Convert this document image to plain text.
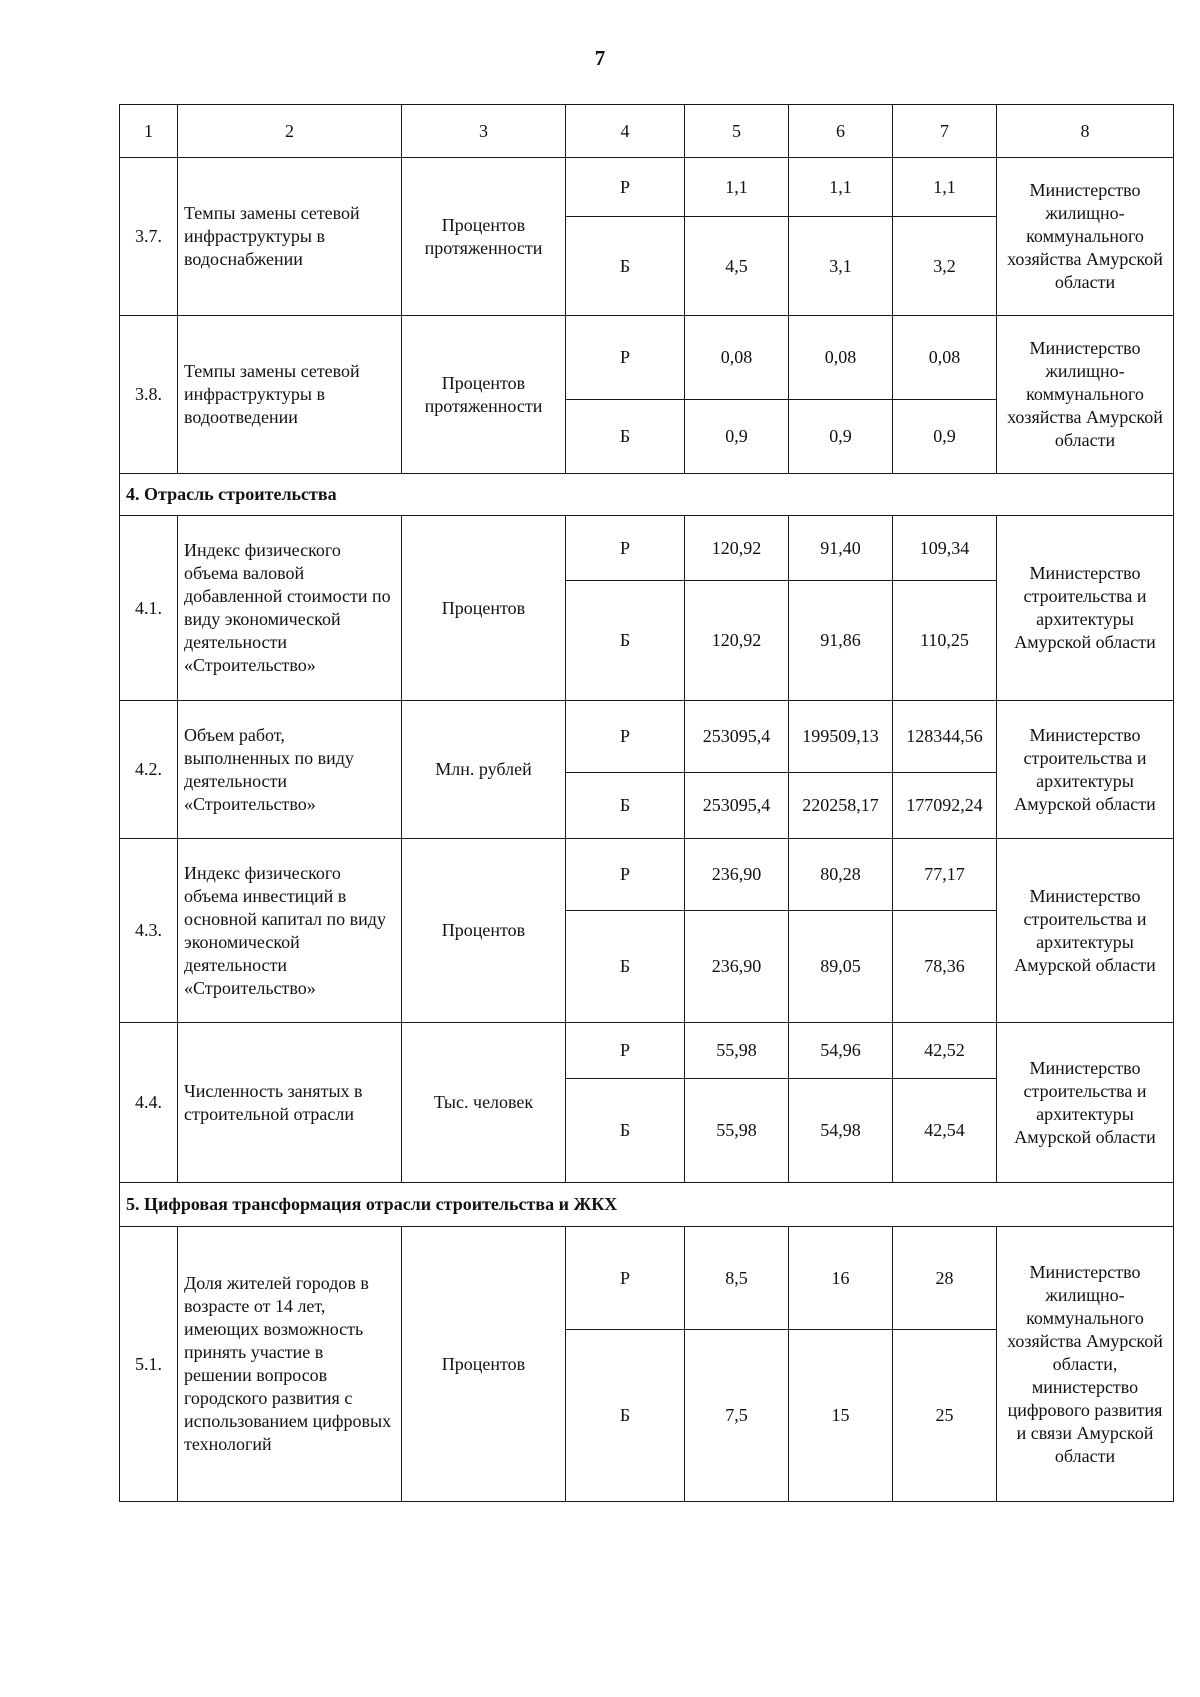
7
1	2	3	4	5	6	7	8
3.7.	Темпы замены сетевой инфраструктуры в водоснабжении	Процентов протяженности	Р	1,1	1,1	1,1	Министерство жилищно-коммунального хозяйства Амурской области
			Б	4,5	3,1	3,2	
3.8.	Темпы замены сетевой инфраструктуры в водоотведении	Процентов протяженности	Р	0,08	0,08	0,08	Министерство жилищно-коммунального хозяйства Амурской области
			Б	0,9	0,9	0,9	
4. Отрасль строительства							
4.1.	Индекс физического объема валовой добавленной стоимости по виду экономической деятельности «Строительство»	Процентов	Р	120,92	91,40	109,34	Министерство строительства и архитектуры Амурской области
			Б	120,92	91,86	110,25	
4.2.	Объем работ, выполненных по виду деятельности «Строительство»	Млн. рублей	Р	253095,4	199509,13	128344,56	Министерство строительства и архитектуры Амурской области
			Б	253095,4	220258,17	177092,24	
4.3.	Индекс физического объема инвестиций в основной капитал по виду экономической деятельности «Строительство»	Процентов	Р	236,90	80,28	77,17	Министерство строительства и архитектуры Амурской области
			Б	236,90	89,05	78,36	
4.4.	Численность занятых в строительной отрасли	Тыс. человек	Р	55,98	54,96	42,52	Министерство строительства и архитектуры Амурской области
			Б	55,98	54,98	42,54	
5. Цифровая трансформация отрасли строительства и ЖКХ							
5.1.	Доля жителей городов в возрасте от 14 лет, имеющих возможность принять участие в решении вопросов городского развития с использованием цифровых технологий	Процентов	Р	8,5	16	28	Министерство жилищно-коммунального хозяйства Амурской области, министерство цифрового развития и связи Амурской области
			Б	7,5	15	25	
